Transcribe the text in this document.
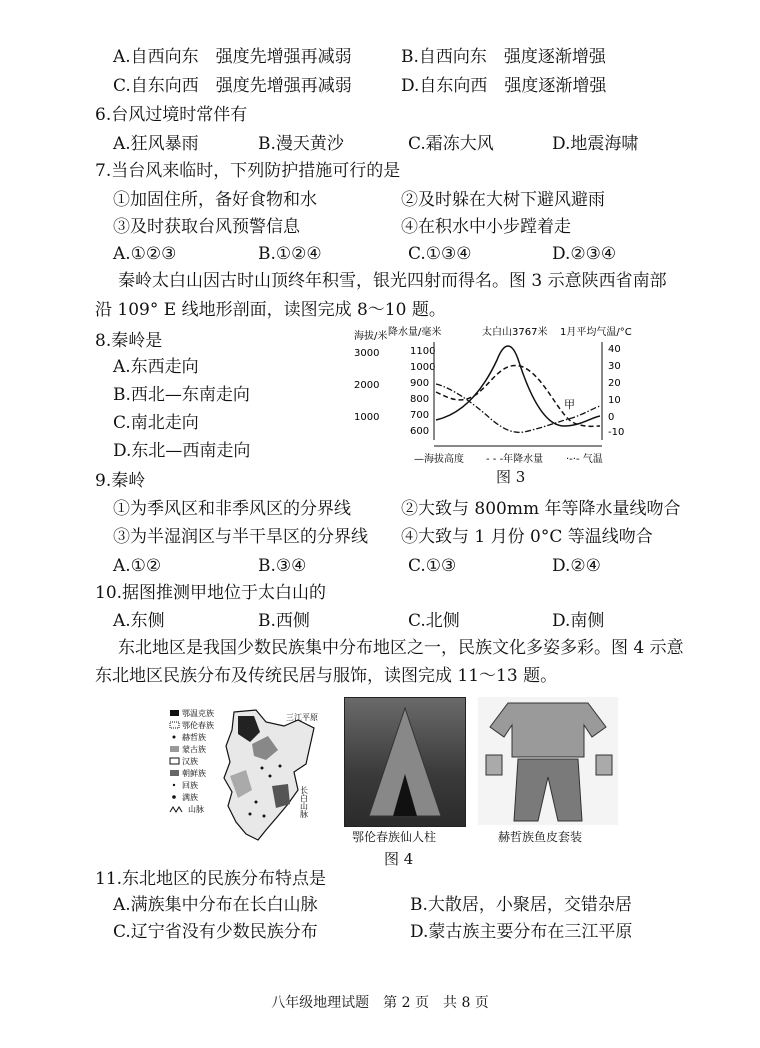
A.自西向东　强度先增强再减弱	B.自西向东　强度逐渐增强
C.自东向西　强度先增强再减弱	D.自东向西　强度逐渐增强
6.台风过境时常伴有
A.狂风暴雨	B.漫天黄沙	C.霜冻大风	D.地震海啸
7.当台风来临时，下列防护措施可行的是
①加固住所，备好食物和水	②及时躲在大树下避风避雨
③及时获取台风预警信息	④在积水中小步蹚着走
A.①②③	B.①②④	C.①③④	D.②③④
秦岭太白山因古时山顶终年积雪，银光四射而得名。图 3 示意陕西省南部
沿 109° E 线地形剖面，读图完成 8～10 题。
8.秦岭是
A.东西走向
B.西北—东南走向
C.南北走向
D.东北—西南走向
海拔/米 降水量/毫米	太白山3767米 1月平均气温/°C
3000
2000
1000
1100
1000
900
800
700
600
40
30
20
10
0
-10
甲
—海拔高度 - - -年降水量 ·-·- 气温
图 3
9.秦岭
①为季风区和非季风区的分界线	②大致与 800mm 年等降水量线吻合
③为半湿润区与半干旱区的分界线 ④大致与 1 月份 0°C 等温线吻合
A.①②	B.③④	C.①③	D.②④
10.据图推测甲地位于太白山的
A.东侧	B.西侧	C.北侧	D.南侧
东北地区是我国少数民族集中分布地区之一，民族文化多姿多彩。图 4 示意
东北地区民族分布及传统民居与服饰，读图完成 11～13 题。
鄂温克族
鄂伦春族
赫哲族
蒙古族
汉族
朝鲜族
回族
满族
山脉
三江平原
长白山脉
鄂伦春族仙人柱	赫哲族鱼皮套装
图 4
11.东北地区的民族分布特点是
A.满族集中分布在长白山脉	B.大散居，小聚居，交错杂居
C.辽宁省没有少数民族分布	D.蒙古族主要分布在三江平原
八年级地理试题　第 2 页　共 8 页
